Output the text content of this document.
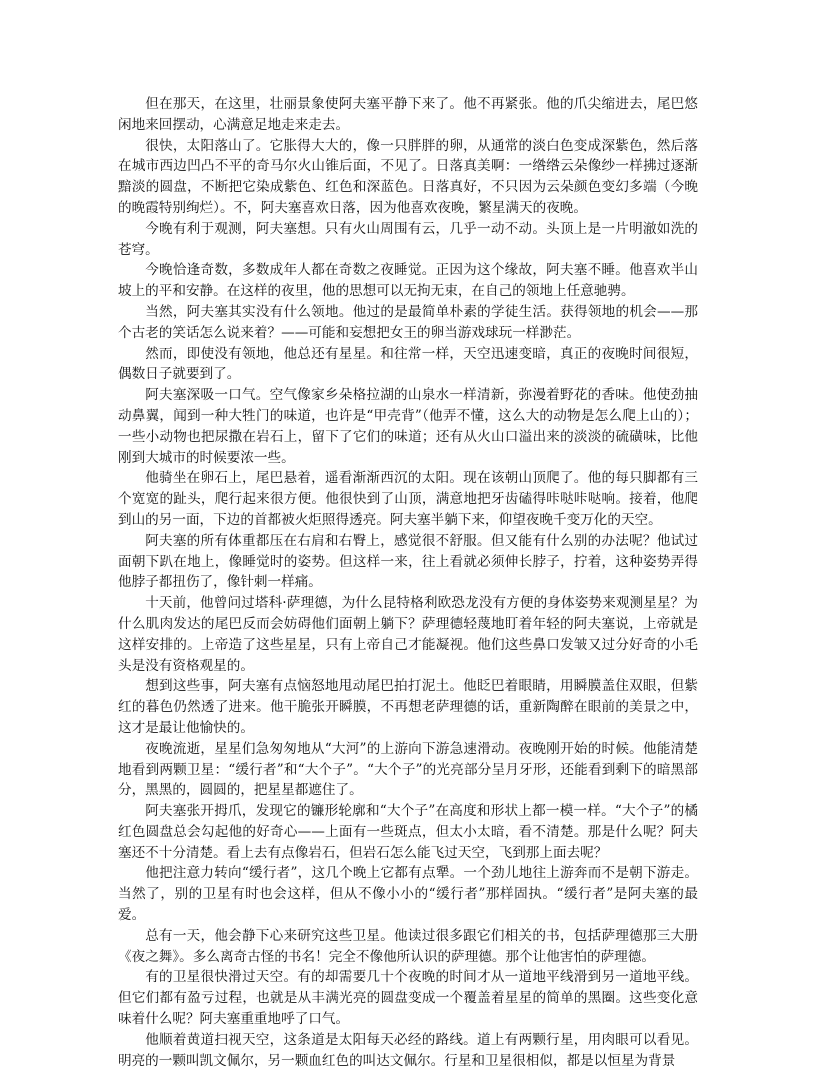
但在那天，在这里，壮丽景象使阿夫塞平静下来了。他不再紧张。他的爪尖缩进去，尾巴悠闲地来回摆动，心满意足地走来走去。

很快，太阳落山了。它胀得大大的，像一只胖胖的卵，从通常的淡白色变成深紫色，然后落在城市西边凹凸不平的奇马尔火山锥后面，不见了。日落真美啊：一绺绺云朵像纱一样拂过逐渐黯淡的圆盘，不断把它染成紫色、红色和深蓝色。日落真好，不只因为云朵颜色变幻多端（今晚的晚霞特别绚烂）。不，阿夫塞喜欢日落，因为他喜欢夜晚，繁星满天的夜晚。

今晚有利于观测，阿夫塞想。只有火山周围有云，几乎一动不动。头顶上是一片明澈如洗的苍穹。

今晚恰逢奇数，多数成年人都在奇数之夜睡觉。正因为这个缘故，阿夫塞不睡。他喜欢半山坡上的平和安静。在这样的夜里，他的思想可以无拘无束，在自己的领地上任意驰骋。

当然，阿夫塞其实没有什么领地。他过的是最简单朴素的学徒生活。获得领地的机会——那个古老的笑话怎么说来着？——可能和妄想把女王的卵当游戏球玩一样渺茫。

然而，即使没有领地，他总还有星星。和往常一样，天空迅速变暗，真正的夜晚时间很短，偶数日子就要到了。

阿夫塞深吸一口气。空气像家乡朵格拉湖的山泉水一样清新，弥漫着野花的香味。他使劲抽动鼻翼，闻到一种大牲门的味道，也许是“甲壳背”（他弄不懂，这么大的动物是怎么爬上山的）；一些小动物也把尿撒在岩石上，留下了它们的味道；还有从火山口溢出来的淡淡的硫磺味，比他刚到大城市的时候要浓一些。

他骑坐在卵石上，尾巴悬着，遥看渐渐西沉的太阳。现在该朝山顶爬了。他的每只脚都有三个宽宽的趾头，爬行起来很方便。他很快到了山顶，满意地把牙齿磕得咔哒咔哒响。接着，他爬到山的另一面，下边的首都被火炬照得透亮。阿夫塞半躺下来，仰望夜晚千变万化的天空。

阿夫塞的所有体重都压在右肩和右臀上，感觉很不舒服。但又能有什么别的办法呢？他试过面朝下趴在地上，像睡觉时的姿势。但这样一来，往上看就必须伸长脖子，拧着，这种姿势弄得他脖子都扭伤了，像针刺一样痛。

十天前，他曾问过塔科·萨理德，为什么昆特格利欧恐龙没有方便的身体姿势来观测星星？为什么肌肉发达的尾巴反而会妨碍他们面朝上躺下？萨理德轻蔑地盯着年轻的阿夫塞说，上帝就是这样安排的。上帝造了这些星星，只有上帝自己才能凝视。他们这些鼻口发皱又过分好奇的小毛头是没有资格观星的。

想到这些事，阿夫塞有点恼怒地甩动尾巴拍打泥土。他眨巴着眼睛，用瞬膜盖住双眼，但紫红的暮色仍然透了进来。他干脆张开瞬膜，不再想老萨理德的话，重新陶醉在眼前的美景之中，这才是最让他愉快的。

夜晚流逝，星星们急匆匆地从“大河”的上游向下游急速滑动。夜晚刚开始的时候。他能清楚地看到两颗卫星：“缓行者”和“大个子”。“大个子”的光亮部分呈月牙形，还能看到剩下的暗黑部分，黑黑的，圆圆的，把星星都遮住了。

阿夫塞张开拇爪，发现它的镰形轮廓和“大个子”在高度和形状上都一模一样。“大个子”的橘红色圆盘总会勾起他的好奇心——上面有一些斑点，但太小太暗，看不清楚。那是什么呢？阿夫塞还不十分清楚。看上去有点像岩石，但岩石怎么能飞过天空，飞到那上面去呢？

他把注意力转向“缓行者”，这几个晚上它都有点犟。一个劲儿地往上游奔而不是朝下游走。当然了，别的卫星有时也会这样，但从不像小小的“缓行者”那样固执。“缓行者”是阿夫塞的最爱。

总有一天，他会静下心来研究这些卫星。他读过很多跟它们相关的书，包括萨理德那三大册《夜之舞》。多么离奇古怪的书名！完全不像他所认识的萨理德。那个让他害怕的萨理德。

有的卫星很快滑过天空。有的却需要几十个夜晚的时间才从一道地平线滑到另一道地平线。但它们都有盈亏过程，也就是从丰满光亮的圆盘变成一个覆盖着星星的简单的黑圈。这些变化意味着什么呢？阿夫塞重重地呼了口气。

他顺着黄道扫视天空，这条道是太阳每天必经的路线。道上有两颗行星，用肉眼可以看见。明亮的一颗叫凯文佩尔，另一颗血红色的叫达文佩尔。行星和卫星很相似，都是以恒星为背景
